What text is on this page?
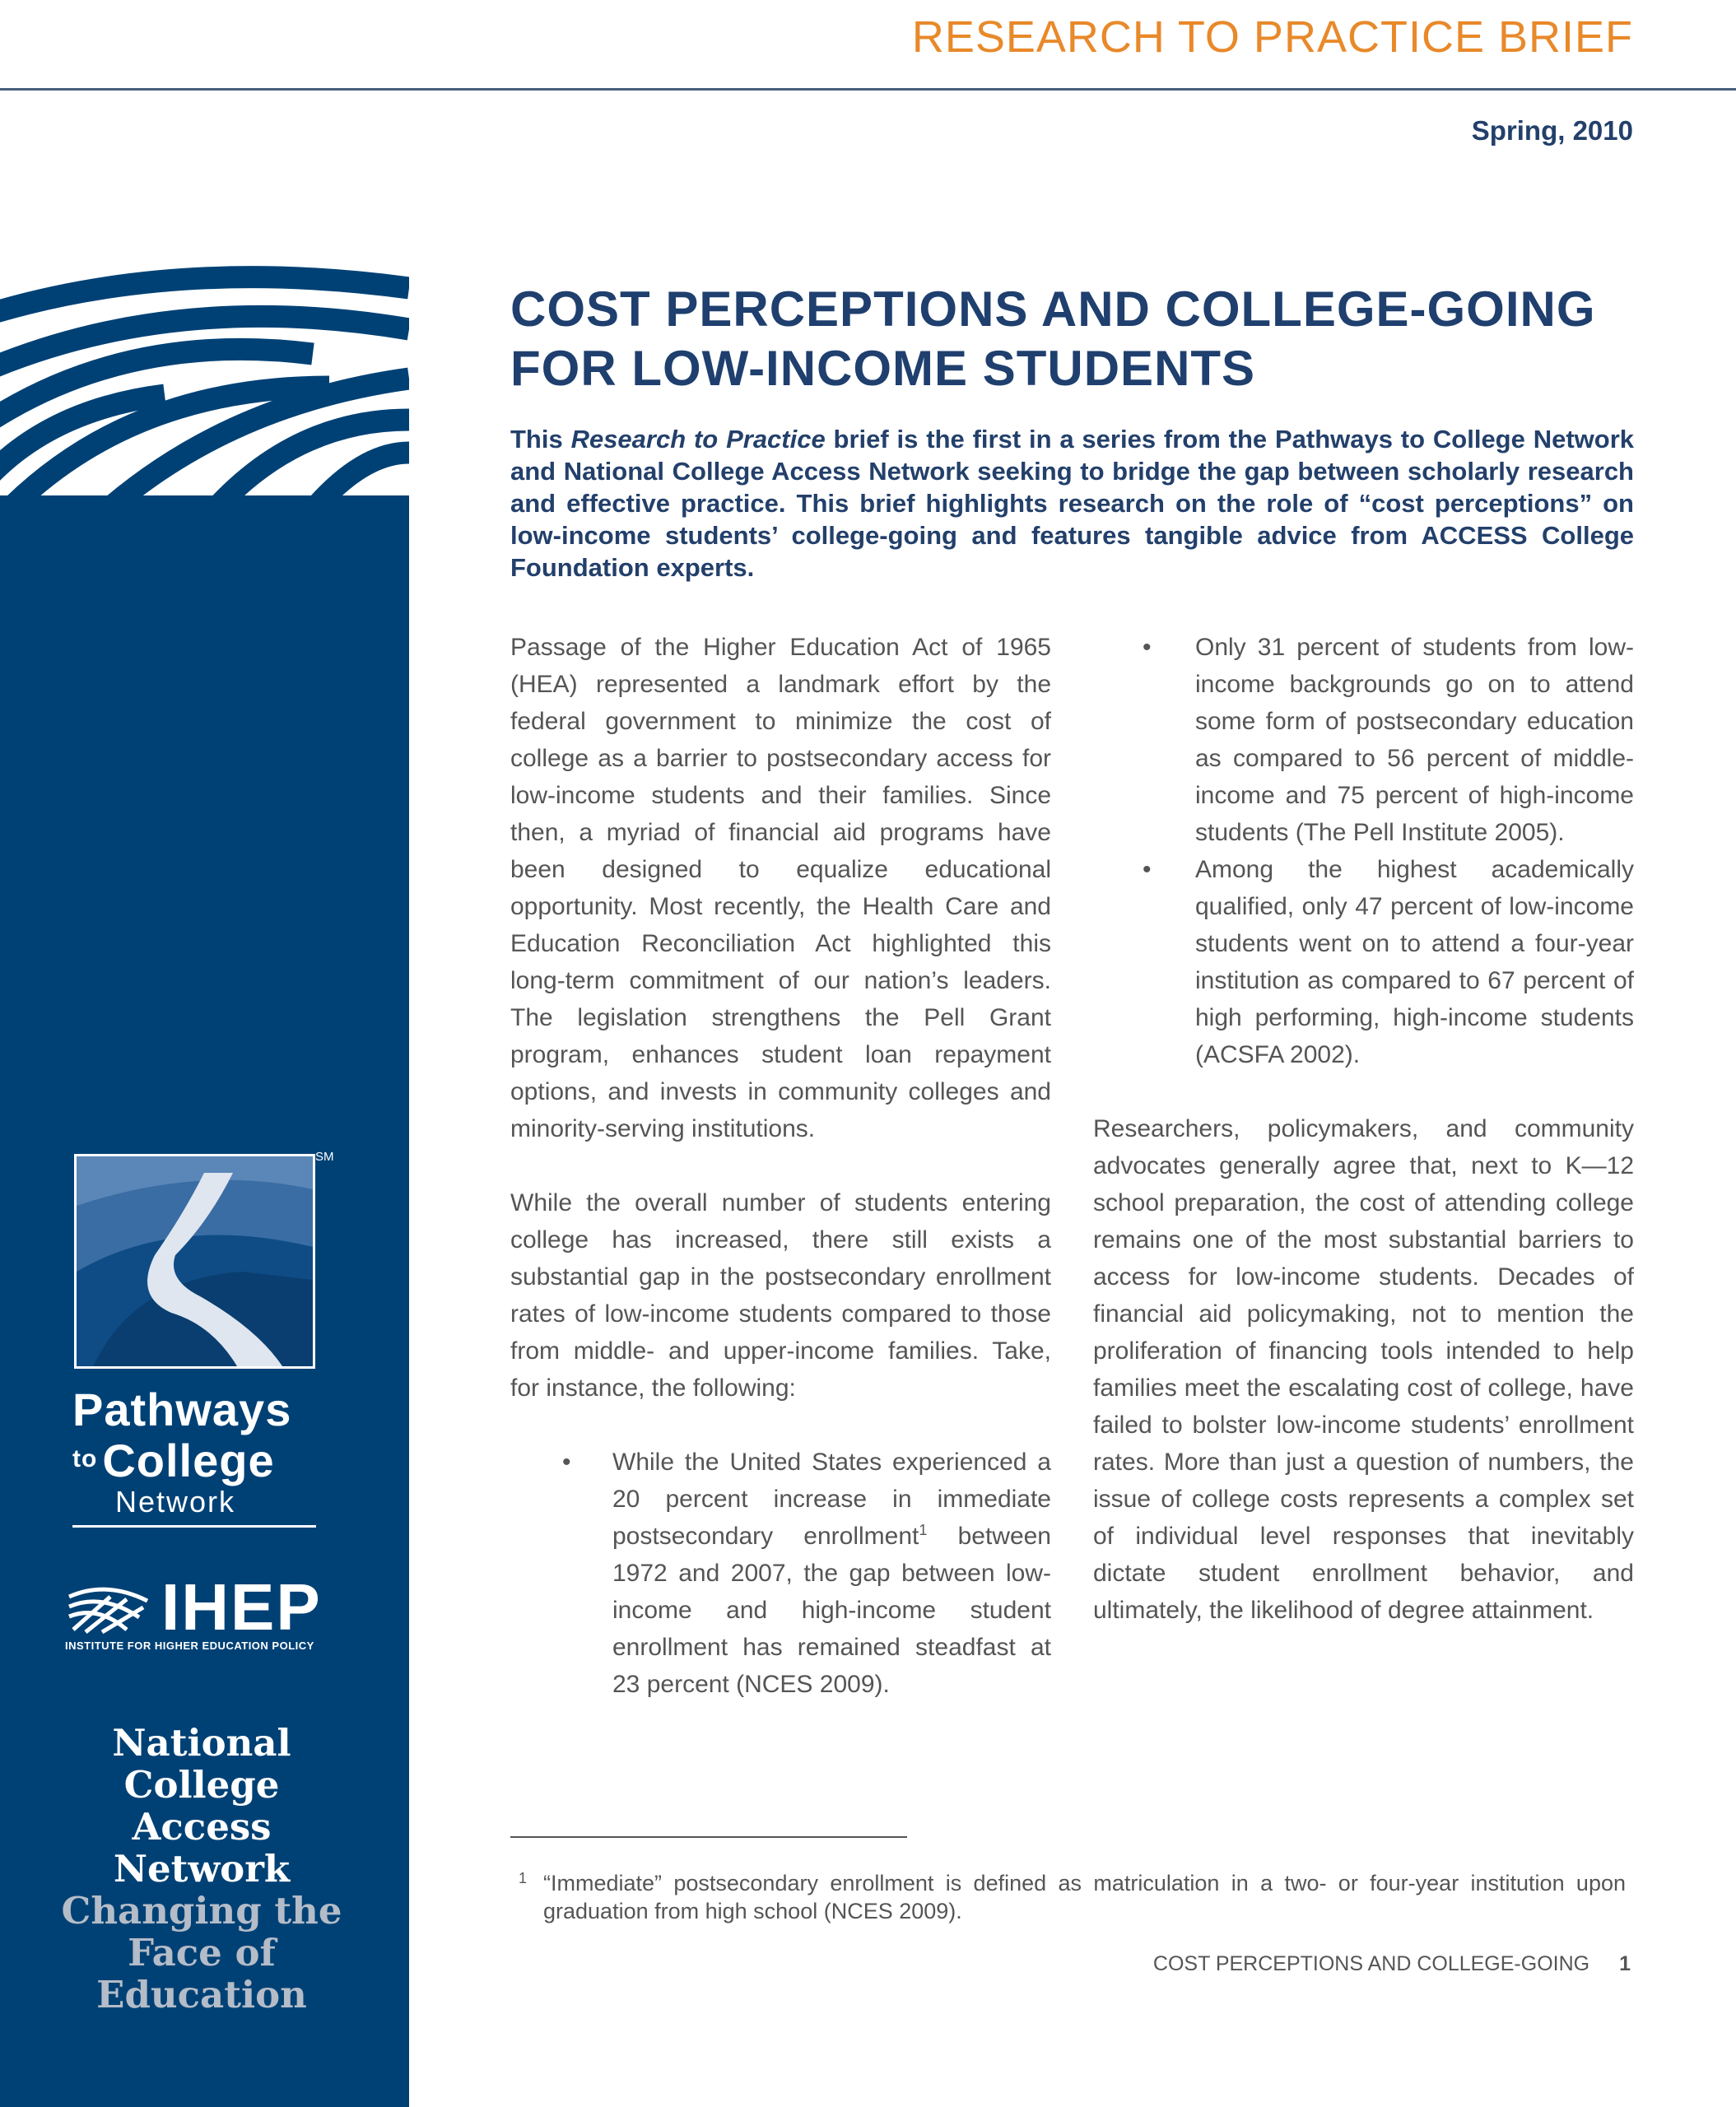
RESEARCH TO PRACTICE BRIEF
Spring, 2010
SM
Pathways
$^{to}$ College
Network
IHEP
INSTITUTE FOR HIGHER EDUCATION POLICY
National
College Access
Network
Changing the
Face of
Education
COST PERCEPTIONS AND COLLEGE-GOING
FOR LOW-INCOME STUDENTS
This Research to Practice brief is the first in a series from the Pathways to College Network and National College Access Network seeking to bridge the gap between scholarly research and effective practice. This brief highlights research on the role of “cost perceptions” on low-income students’ college-going and features tangible advice from ACCESS College Foundation experts.

Passage of the Higher Education Act of 1965 (HEA) represented a landmark effort by the federal government to minimize the cost of college as a barrier to postsecondary access for low-income students and their families. Since then, a myriad of financial aid programs have been designed to equalize educational opportunity. Most recently, the Health Care and Education Reconciliation Act highlighted this long-term commitment of our nation’s leaders. The legislation strengthens the Pell Grant program, enhances student loan repayment options, and invests in community colleges and minority-serving institutions.

While the overall number of students entering college has increased, there still exists a substantial gap in the postsecondary enrollment rates of low-income students compared to those from middle- and upper-income families. Take, for instance, the following:

• While the United States experienced a 20 percent increase in immediate postsecondary enrollment$^1$ between 1972 and 2007, the gap between low-income and high-income student enrollment has remained steadfast at 23 percent (NCES 2009).
• Only 31 percent of students from low-income backgrounds go on to attend some form of postsecondary education as compared to 56 percent of middle-income and 75 percent of high-income students (The Pell Institute 2005).
• Among the highest academically qualified, only 47 percent of low-income students went on to attend a four-year institution as compared to 67 percent of high performing, high-income students (ACSFA 2002).

Researchers, policymakers, and community advocates generally agree that, next to K—12 school preparation, the cost of attending college remains one of the most substantial barriers to access for low-income students. Decades of financial aid policymaking, not to mention the proliferation of financing tools intended to help families meet the escalating cost of college, have failed to bolster low-income students’ enrollment rates. More than just a question of numbers, the issue of college costs represents a complex set of individual level responses that inevitably dictate student enrollment behavior, and ultimately, the likelihood of degree attainment.

1 “Immediate” postsecondary enrollment is defined as matriculation in a two- or four-year institution upon graduation from high school (NCES 2009).
COST PERCEPTIONS AND COLLEGE-GOING 1
